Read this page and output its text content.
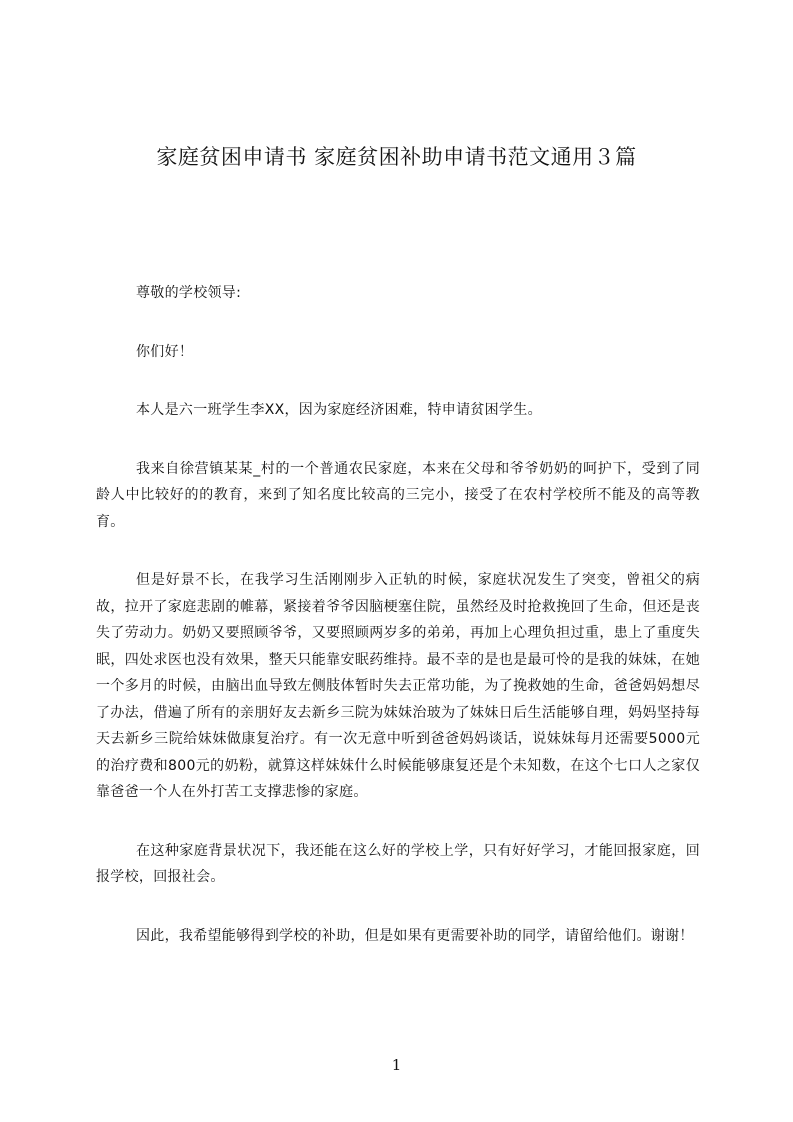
家庭贫困申请书 家庭贫困补助申请书范文通用３篇

尊敬的学校领导:

你们好！

本人是六一班学生李XX，因为家庭经济困难，特申请贫困学生。

我来自徐营镇某某_村的一个普通农民家庭，本来在父母和爷爷奶奶的呵护下，受到了同龄人中比较好的的教育，来到了知名度比较高的三完小，接受了在农村学校所不能及的高等教育。

但是好景不长，在我学习生活刚刚步入正轨的时候，家庭状况发生了突变，曾祖父的病故，拉开了家庭悲剧的帷幕，紧接着爷爷因脑梗塞住院，虽然经及时抢救挽回了生命，但还是丧失了劳动力。奶奶又要照顾爷爷，又要照顾两岁多的弟弟，再加上心理负担过重，患上了重度失眠，四处求医也没有效果，整天只能靠安眠药维持。最不幸的是也是最可怜的是我的妹妹，在她一个多月的时候，由脑出血导致左侧肢体暂时失去正常功能，为了挽救她的生命，爸爸妈妈想尽了办法，借遍了所有的亲朋好友去新乡三院为妹妹治玻为了妹妹日后生活能够自理，妈妈坚持每天去新乡三院给妹妹做康复治疗。有一次无意中听到爸爸妈妈谈话，说妹妹每月还需要5000元的治疗费和800元的奶粉，就算这样妹妹什么时候能够康复还是个未知数，在这个七口人之家仅靠爸爸一个人在外打苦工支撑悲惨的家庭。

在这种家庭背景状况下，我还能在这么好的学校上学，只有好好学习，才能回报家庭，回报学校，回报社会。

因此，我希望能够得到学校的补助，但是如果有更需要补助的同学，请留给他们。谢谢！

1
